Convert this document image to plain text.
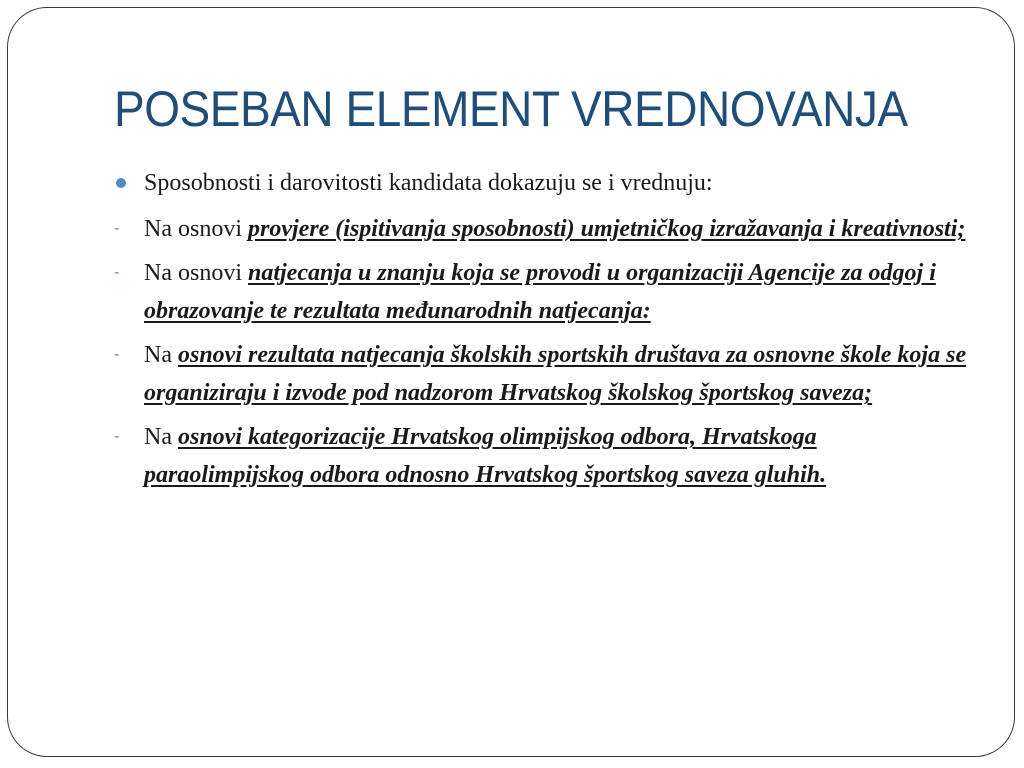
POSEBAN ELEMENT VREDNOVANJA
Sposobnosti i darovitosti kandidata dokazuju se i vrednuju:
- Na osnovi provjere (ispitivanja sposobnosti) umjetničkog izražavanja i kreativnosti;
- Na osnovi natjecanja u znanju koja se provodi u organizaciji Agencije za odgoj i obrazovanje te rezultata međunarodnih natjecanja:
- Na osnovi rezultata natjecanja školskih sportskih društava za osnovne škole koja se organiziraju i izvode pod nadzorom Hrvatskog školskog športskog saveza;
- Na osnovi kategorizacije Hrvatskog olimpijskog odbora, Hrvatskoga paraolimpijskog odbora odnosno Hrvatskog športskog saveza gluhih.
